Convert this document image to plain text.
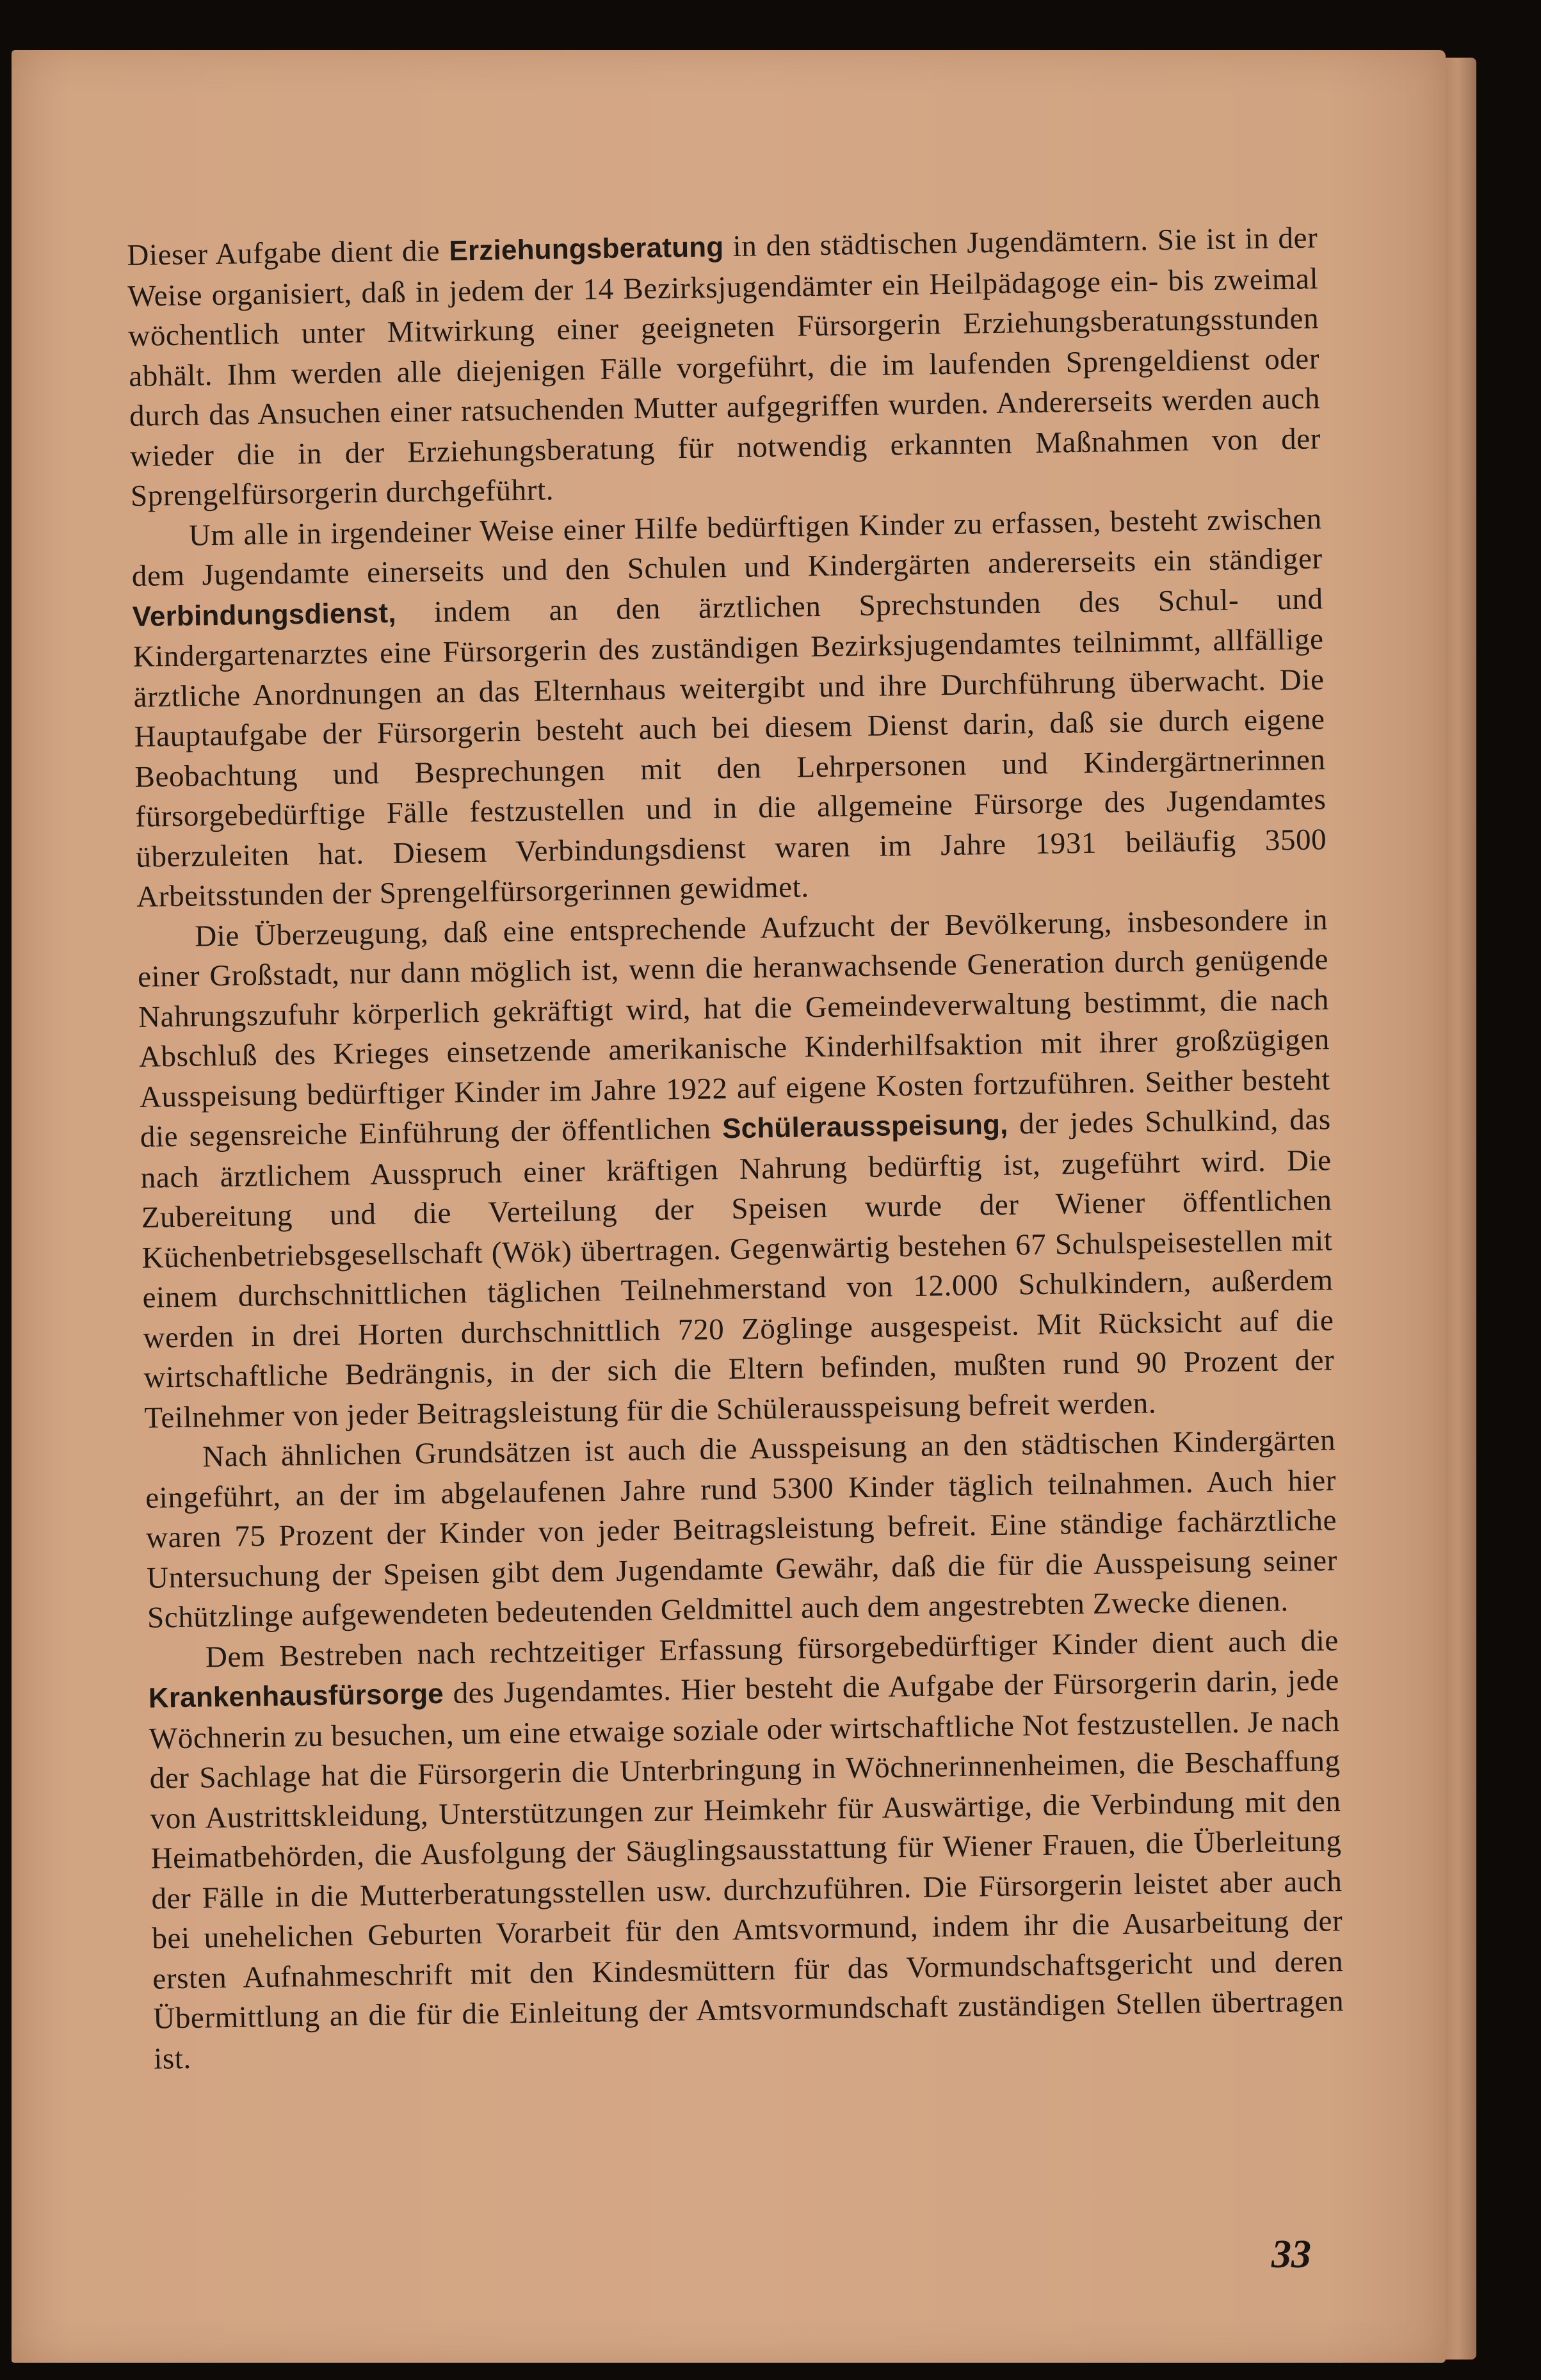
Dieser Aufgabe dient die Erziehungsberatung in den städtischen Jugendämtern. Sie ist in der Weise organisiert, daß in jedem der 14 Bezirksjugendämter ein Heilpädagoge ein- bis zweimal wöchentlich unter Mitwirkung einer geeigneten Fürsorgerin Erziehungsberatungsstunden abhält. Ihm werden alle diejenigen Fälle vorgeführt, die im laufenden Sprengeldienst oder durch das Ansuchen einer ratsuchenden Mutter aufgegriffen wurden. Andererseits werden auch wieder die in der Erziehungsberatung für notwendig erkannten Maßnahmen von der Sprengelfürsorgerin durchgeführt.

Um alle in irgendeiner Weise einer Hilfe bedürftigen Kinder zu erfassen, besteht zwischen dem Jugendamte einerseits und den Schulen und Kindergärten andererseits ein ständiger Verbindungsdienst, indem an den ärztlichen Sprechstunden des Schul- und Kindergartenarztes eine Fürsorgerin des zuständigen Bezirksjugendamtes teilnimmt, allfällige ärztliche Anordnungen an das Elternhaus weitergibt und ihre Durchführung überwacht. Die Hauptaufgabe der Fürsorgerin besteht auch bei diesem Dienst darin, daß sie durch eigene Beobachtung und Besprechungen mit den Lehrpersonen und Kindergärtnerinnen fürsorgebedürftige Fälle festzustellen und in die allgemeine Fürsorge des Jugendamtes überzuleiten hat. Diesem Verbindungsdienst waren im Jahre 1931 beiläufig 3500 Arbeitsstunden der Sprengelfürsorgerinnen gewidmet.

Die Überzeugung, daß eine entsprechende Aufzucht der Bevölkerung, insbesondere in einer Großstadt, nur dann möglich ist, wenn die heranwachsende Generation durch genügende Nahrungszufuhr körperlich gekräftigt wird, hat die Gemeindeverwaltung bestimmt, die nach Abschluß des Krieges einsetzende amerikanische Kinderhilfsaktion mit ihrer großzügigen Ausspeisung bedürftiger Kinder im Jahre 1922 auf eigene Kosten fortzuführen. Seither besteht die segensreiche Einführung der öffentlichen Schülerausspeisung, der jedes Schulkind, das nach ärztlichem Ausspruch einer kräftigen Nahrung bedürftig ist, zugeführt wird. Die Zubereitung und die Verteilung der Speisen wurde der Wiener öffentlichen Küchenbetriebsgesellschaft (Wök) übertragen. Gegenwärtig bestehen 67 Schulspeisestellen mit einem durchschnittlichen täglichen Teilnehmerstand von 12.000 Schulkindern, außerdem werden in drei Horten durchschnittlich 720 Zöglinge ausgespeist. Mit Rücksicht auf die wirtschaftliche Bedrängnis, in der sich die Eltern befinden, mußten rund 90 Prozent der Teilnehmer von jeder Beitragsleistung für die Schülerausspeisung befreit werden.

Nach ähnlichen Grundsätzen ist auch die Ausspeisung an den städtischen Kindergärten eingeführt, an der im abgelaufenen Jahre rund 5300 Kinder täglich teilnahmen. Auch hier waren 75 Prozent der Kinder von jeder Beitragsleistung befreit. Eine ständige fachärztliche Untersuchung der Speisen gibt dem Jugendamte Gewähr, daß die für die Ausspeisung seiner Schützlinge aufgewendeten bedeutenden Geldmittel auch dem angestrebten Zwecke dienen.

Dem Bestreben nach rechtzeitiger Erfassung fürsorgebedürftiger Kinder dient auch die Krankenhausfürsorge des Jugendamtes. Hier besteht die Aufgabe der Fürsorgerin darin, jede Wöchnerin zu besuchen, um eine etwaige soziale oder wirtschaftliche Not festzustellen. Je nach der Sachlage hat die Fürsorgerin die Unterbringung in Wöchnerinnenheimen, die Beschaffung von Austrittskleidung, Unterstützungen zur Heimkehr für Auswärtige, die Verbindung mit den Heimatbehörden, die Ausfolgung der Säuglingsausstattung für Wiener Frauen, die Überleitung der Fälle in die Mutterberatungsstellen usw. durchzuführen. Die Fürsorgerin leistet aber auch bei unehelichen Geburten Vorarbeit für den Amtsvormund, indem ihr die Ausarbeitung der ersten Aufnahmeschrift mit den Kindesmüttern für das Vormundschaftsgericht und deren Übermittlung an die für die Einleitung der Amtsvormundschaft zuständigen Stellen übertragen ist.

33
